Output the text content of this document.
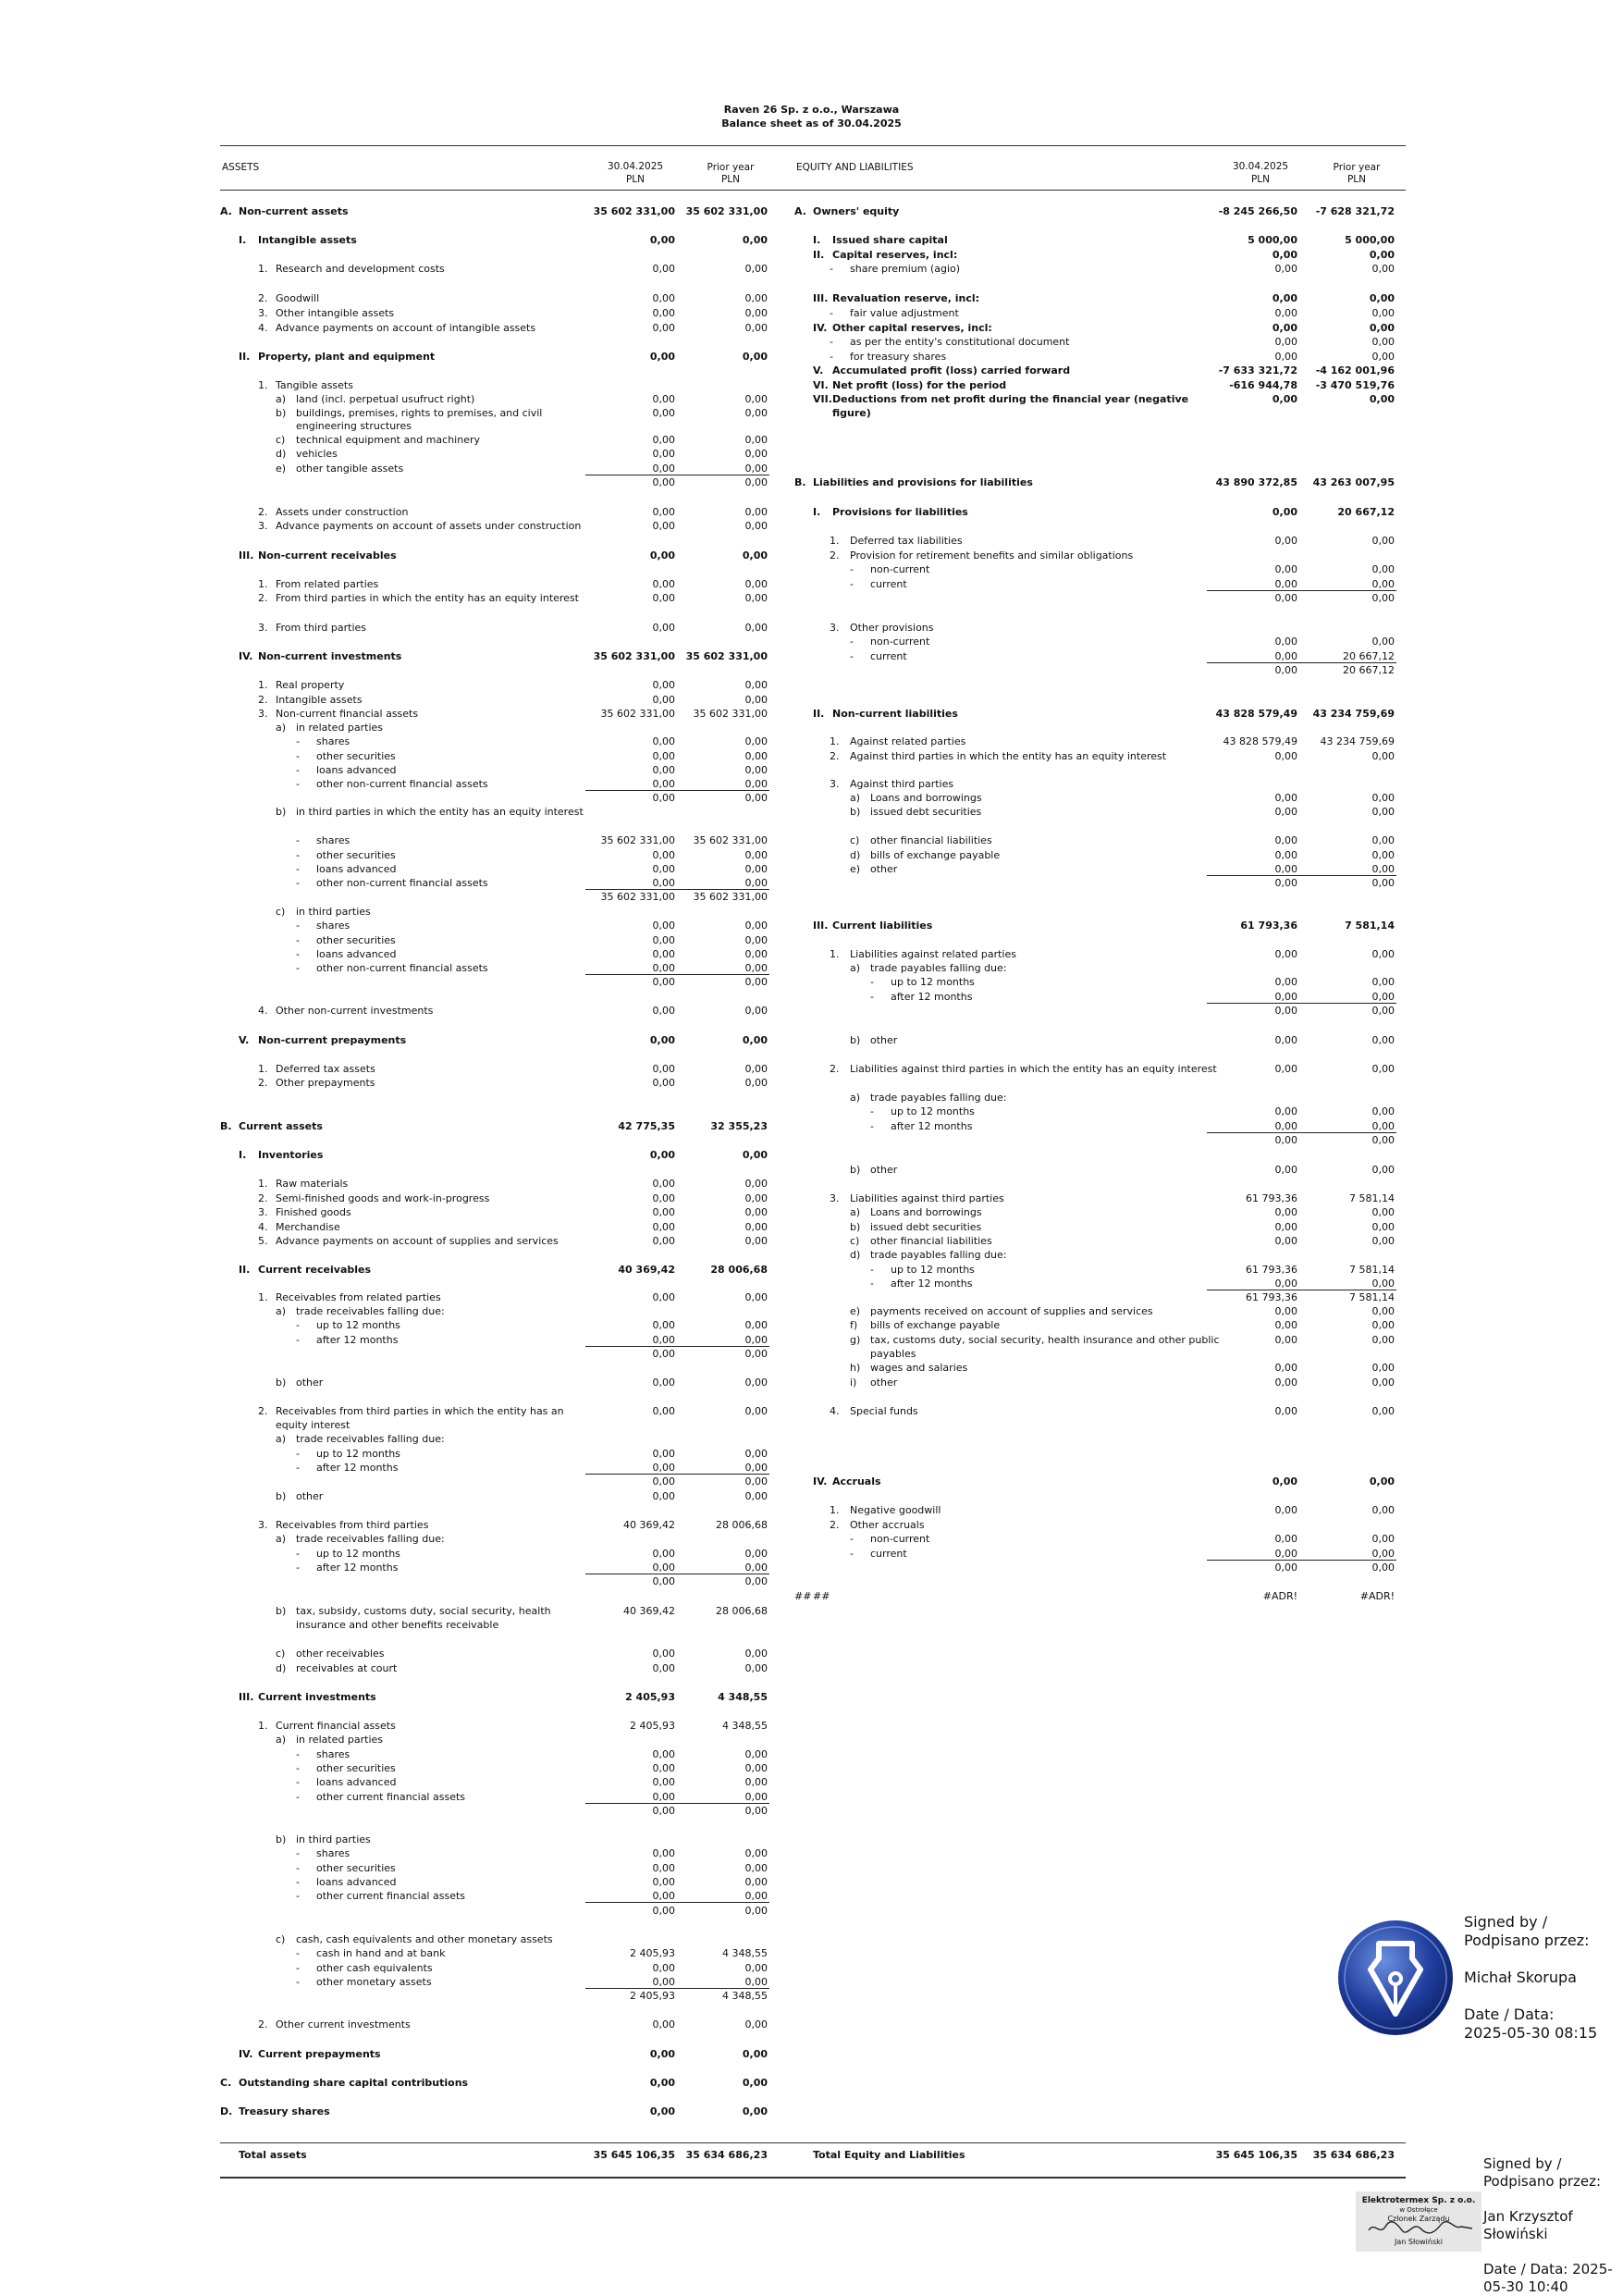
Raven 26 Sp. z o.o., Warszawa
Balance sheet as of 30.04.2025
ASSETS	30.04.2025
PLN
Prior year
PLN
EQUITY AND LIABILITIES	30.04.2025
PLN
Prior year
PLN
A. Non-current assets	35 602 331,00	35 602 331,00
I. Intangible assets	0,00	0,00
1. Research and development costs	0,00	0,00
2. Goodwill	0,00	0,00
3. Other intangible assets	0,00	0,00
4. Advance payments on account of intangible assets	0,00	0,00
II. Property, plant and equipment	0,00	0,00
1. Tangible assets
a) land (incl. perpetual usufruct right)	0,00	0,00
b) buildings, premises, rights to premises, and civil	0,00	0,00
engineering structures
c) technical equipment and machinery	0,00	0,00
d) vehicles	0,00	0,00
e) other tangible assets	0,00	0,00
0,00	0,00
2. Assets under construction	0,00	0,00
3. Advance payments on account of assets under construction	0,00	0,00
III. Non-current receivables	0,00	0,00
1. From related parties	0,00	0,00
2. From third parties in which the entity has an equity interest	0,00	0,00
3. From third parties	0,00	0,00
IV. Non-current investments	35 602 331,00	35 602 331,00
1. Real property	0,00	0,00
2. Intangible assets	0,00	0,00
3. Non-current financial assets	35 602 331,00	35 602 331,00
a) in related parties
- shares	0,00	0,00
- other securities	0,00	0,00
- loans advanced	0,00	0,00
- other non-current financial assets	0,00	0,00
0,00	0,00
b) in third parties in which the entity has an equity interest
- shares	35 602 331,00	35 602 331,00
- other securities	0,00	0,00
- loans advanced	0,00	0,00
- other non-current financial assets	0,00	0,00
35 602 331,00	35 602 331,00
c) in third parties
- shares	0,00	0,00
- other securities	0,00	0,00
- loans advanced	0,00	0,00
- other non-current financial assets	0,00	0,00
0,00	0,00
4. Other non-current investments	0,00	0,00
V. Non-current prepayments	0,00	0,00
1. Deferred tax assets	0,00	0,00
2. Other prepayments	0,00	0,00
B. Current assets	42 775,35	32 355,23
I. Inventories	0,00	0,00
1. Raw materials	0,00	0,00
2. Semi-finished goods and work-in-progress	0,00	0,00
3. Finished goods	0,00	0,00
4. Merchandise	0,00	0,00
5. Advance payments on account of supplies and services	0,00	0,00
II. Current receivables	40 369,42	28 006,68
1. Receivables from related parties	0,00	0,00
a) trade receivables falling due:
- up to 12 months	0,00	0,00
- after 12 months	0,00	0,00
0,00	0,00
b) other	0,00	0,00
2. Receivables from third parties in which the entity has an	0,00	0,00
equity interest
a) trade receivables falling due:
- up to 12 months	0,00	0,00
- after 12 months	0,00	0,00
0,00	0,00
b) other	0,00	0,00
3. Receivables from third parties	40 369,42	28 006,68
a) trade receivables falling due:
- up to 12 months	0,00	0,00
- after 12 months	0,00	0,00
0,00	0,00
b) tax, subsidy, customs duty, social security, health	40 369,42	28 006,68
insurance and other benefits receivable
c) other receivables	0,00	0,00
d) receivables at court	0,00	0,00
III. Current investments	2 405,93	4 348,55
1. Current financial assets	2 405,93	4 348,55
a) in related parties
- shares	0,00	0,00
- other securities	0,00	0,00
- loans advanced	0,00	0,00
- other current financial assets	0,00	0,00
0,00	0,00
b) in third parties
- shares	0,00	0,00
- other securities	0,00	0,00
- loans advanced	0,00	0,00
- other current financial assets	0,00	0,00
0,00	0,00
c) cash, cash equivalents and other monetary assets
- cash in hand and at bank	2 405,93	4 348,55
- other cash equivalents	0,00	0,00
- other monetary assets	0,00	0,00
2 405,93	4 348,55
2. Other current investments	0,00	0,00
IV. Current prepayments	0,00	0,00
C. Outstanding share capital contributions	0,00	0,00
D. Treasury shares	0,00	0,00
Total assets	35 645 106,35	35 634 686,23
A. Owners' equity	-8 245 266,50	-7 628 321,72
I. Issued share capital	5 000,00	5 000,00
II. Capital reserves, incl:	0,00	0,00
- share premium (agio)	0,00	0,00
III. Revaluation reserve, incl:	0,00	0,00
- fair value adjustment	0,00	0,00
IV. Other capital reserves, incl:	0,00	0,00
- as per the entity's constitutional document	0,00	0,00
- for treasury shares	0,00	0,00
V. Accumulated profit (loss) carried forward	-7 633 321,72	-4 162 001,96
VI. Net profit (loss) for the period	-616 944,78	-3 470 519,76
VII. Deductions from net profit during the financial year (negative	0,00	0,00
figure)
B. Liabilities and provisions for liabilities	43 890 372,85	43 263 007,95
I. Provisions for liabilities	0,00	20 667,12
1. Deferred tax liabilities	0,00	0,00
2. Provision for retirement benefits and similar obligations
- non-current	0,00	0,00
- current	0,00	0,00
0,00	0,00
3. Other provisions
- non-current	0,00	0,00
- current	0,00	20 667,12
0,00	20 667,12
II. Non-current liabilities	43 828 579,49	43 234 759,69
1. Against related parties	43 828 579,49	43 234 759,69
2. Against third parties in which the entity has an equity interest	0,00	0,00
3. Against third parties
a) Loans and borrowings	0,00	0,00
b) issued debt securities	0,00	0,00
c) other financial liabilities	0,00	0,00
d) bills of exchange payable	0,00	0,00
e) other	0,00	0,00
0,00	0,00
III. Current liabilities	61 793,36	7 581,14
1. Liabilities against related parties	0,00	0,00
a) trade payables falling due:
- up to 12 months	0,00	0,00
- after 12 months	0,00	0,00
0,00	0,00
b) other	0,00	0,00
2. Liabilities against third parties in which the entity has an equity interest	0,00	0,00
a) trade payables falling due:
- up to 12 months	0,00	0,00
- after 12 months	0,00	0,00
0,00	0,00
b) other	0,00	0,00
3. Liabilities against third parties	61 793,36	7 581,14
a) Loans and borrowings	0,00	0,00
b) issued debt securities	0,00	0,00
c) other financial liabilities	0,00	0,00
d) trade payables falling due:
- up to 12 months	61 793,36	7 581,14
- after 12 months	0,00	0,00
61 793,36	7 581,14
e) payments received on account of supplies and services	0,00	0,00
f) bills of exchange payable	0,00	0,00
g) tax, customs duty, social security, health insurance and other public	0,00	0,00
payables
h) wages and salaries	0,00	0,00
i) other	0,00	0,00
4. Special funds	0,00	0,00
IV. Accruals	0,00	0,00
1. Negative goodwill	0,00	0,00
2. Other accruals
- non-current	0,00	0,00
- current	0,00	0,00
0,00	0,00
## ##	#ADR!	#ADR!
Total Equity and Liabilities	35 645 106,35	35 634 686,23
Signed by /
Podpisano przez:
Michał Skorupa
Date / Data:
2025-05-30 08:15
Elektrotermex Sp. z o.o.
w Ostrołęce
Członek Zarządu
Jan Słowiński
Signed by /
Podpisano przez:
Jan Krzysztof
Słowiński
Date / Data: 2025-
05-30 10:40
